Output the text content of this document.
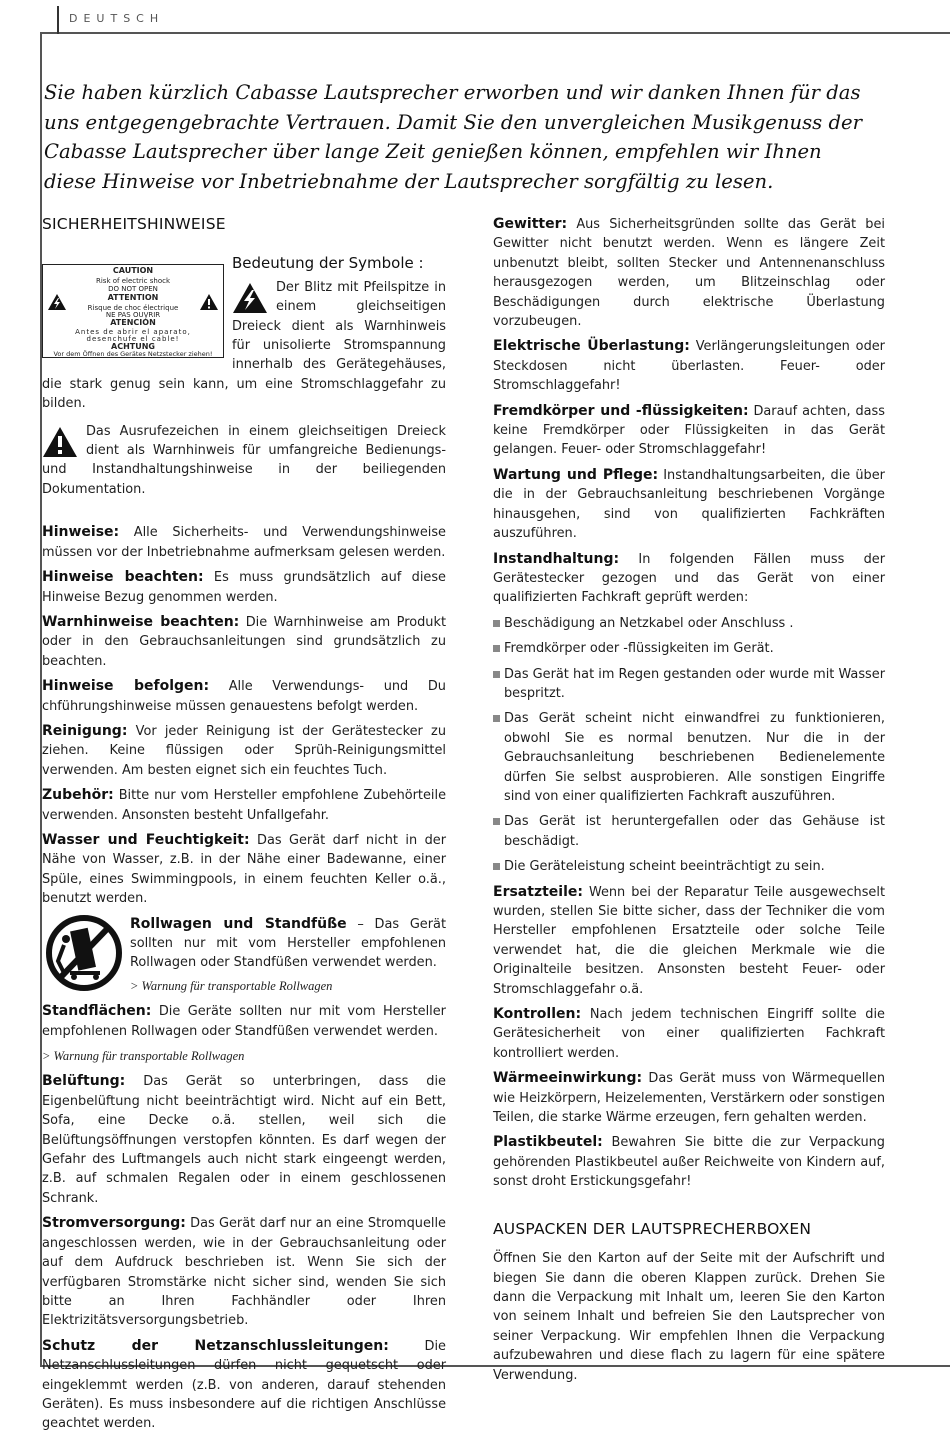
DEUTSCH
Sie haben kürzlich Cabasse Lautsprecher erworben und wir danken Ihnen für das uns entgegengebrachte Vertrauen. Damit Sie den unvergleichen Musikgenuss der Cabasse Lautsprecher über lange Zeit genießen können, empfehlen wir Ihnen diese Hinweise vor Inbetriebnahme der Lautsprecher sorgfältig zu lesen.
SICHERHEITSHINWEISE
CAUTION
Risk of electric shock
DO NOT OPEN
ATTENTION
Risque de choc électrique
NE PAS OUVRIR
ATENCIÓN
Antes de abrir el aparato,
desenchufe el cable!
ACHTUNG
Vor dem Öffnen des Gerätes Netzstecker ziehen!
Bedeutung der Symbole :

Der Blitz mit Pfeilspitze in einem gleichseitigen Dreieck dient als Warnhinweis für unisolierte Stromspannung innerhalb des Gerätegehäuses, die stark genug sein kann, um eine Stromschlaggefahr zu bilden.

Das Ausrufezeichen in einem gleichseitigen Dreieck dient als Warnhinweis für umfangreiche Bedienungs- und Instandhaltungshinweise in der beiliegenden Dokumentation.

Hinweise: Alle Sicherheits- und Verwendungshinweise müssen vor der Inbetriebnahme aufmerksam gelesen werden.

Hinweise beachten: Es muss grundsätzlich auf diese Hinweise Bezug genommen werden.

Warnhinweise beachten: Die Warnhinweise am Produkt oder in den Gebrauchsanleitungen sind grundsätzlich zu beachten.

Hinweise befolgen: Alle Verwendungs- und Du chführungshinweise müssen genauestens befolgt werden.

Reinigung: Vor jeder Reinigung ist der Gerätestecker zu ziehen. Keine flüssigen oder Sprüh-Reinigungsmittel verwenden. Am besten eignet sich ein feuchtes Tuch.

Zubehör: Bitte nur vom Hersteller empfohlene Zubehörteile verwenden. Ansonsten besteht Unfallgefahr.

Wasser und Feuchtigkeit: Das Gerät darf nicht in der Nähe von Wasser, z.B. in der Nähe einer Badewanne, einer Spüle, eines Swimmingpools, in einem feuchten Keller o.ä., benutzt werden.

Rollwagen und Standfüße – Das Gerät sollten nur mit vom Hersteller empfohlenen Rollwagen oder Standfüßen verwendet werden.

> Warnung für transportable Rollwagen

Standflächen: Die Geräte sollten nur mit vom Hersteller empfohlenen Rollwagen oder Standfüßen verwendet werden.

> Warnung für transportable Rollwagen

Belüftung: Das Gerät so unterbringen, dass die Eigenbelüftung nicht beeinträchtigt wird. Nicht auf ein Bett, Sofa, eine Decke o.ä. stellen, weil sich die Belüftungsöffnungen verstopfen könnten. Es darf wegen der Gefahr des Luftmangels auch nicht stark eingeengt werden, z.B. auf schmalen Regalen oder in einem geschlossenen Schrank.

Stromversorgung: Das Gerät darf nur an eine Stromquelle angeschlossen werden, wie in der Gebrauchsanleitung oder auf dem Aufdruck beschrieben ist. Wenn Sie sich der verfügbaren Stromstärke nicht sicher sind, wenden Sie sich bitte an Ihren Fachhändler oder Ihren Elektrizitätsversorgungsbetrieb.

Schutz der Netzanschlussleitungen:	Die Netzanschlussleitungen dürfen nicht gequetscht oder eingeklemmt werden (z.B. von anderen, darauf stehenden Geräten). Es muss insbesondere auf die richtigen Anschlüsse geachtet werden.

Gewitter: Aus Sicherheitsgründen sollte das Gerät bei Gewitter nicht benutzt werden. Wenn es längere Zeit unbenutzt bleibt, sollten Stecker und Antennenanschluss herausgezogen werden, um Blitzeinschlag oder Beschädigungen durch elektrische Überlastung vorzubeugen.

Elektrische Überlastung: Verlängerungsleitungen oder Steckdosen nicht überlasten. Feuer- oder Stromschlaggefahr!

Fremdkörper und -flüssigkeiten: Darauf achten, dass keine Fremdkörper oder Flüssigkeiten in das Gerät gelangen. Feuer- oder Stromschlaggefahr!

Wartung und Pflege: Instandhaltungsarbeiten, die über die in der Gebrauchsanleitung beschriebenen Vorgänge hinausgehen, sind von qualifizierten Fachkräften auszuführen.

Instandhaltung: In folgenden Fällen muss der Gerätestecker gezogen und das Gerät von einer qualifizierten Fachkraft geprüft werden:

Beschädigung an Netzkabel oder Anschluss .
Fremdkörper oder -flüssigkeiten im Gerät.
Das Gerät hat im Regen gestanden oder wurde mit Wasser bespritzt.
Das Gerät scheint nicht einwandfrei zu funktionieren, obwohl Sie es normal benutzen. Nur die in der Gebrauchsanleitung beschriebenen Bedienelemente dürfen Sie selbst ausprobieren. Alle sonstigen Eingriffe sind von einer qualifizierten Fachkraft auszuführen.
Das Gerät ist heruntergefallen oder das Gehäuse ist beschädigt.
Die Geräteleistung scheint beeinträchtigt zu sein.

Ersatzteile: Wenn bei der Reparatur Teile ausgewechselt wurden, stellen Sie bitte sicher, dass der Techniker die vom Hersteller empfohlenen Ersatzteile oder solche Teile verwendet hat, die die gleichen Merkmale wie die Originalteile besitzen. Ansonsten besteht Feuer- oder Stromschlaggefahr o.ä.

Kontrollen: Nach jedem technischen Eingriff sollte die Gerätesicherheit von einer qualifizierten Fachkraft kontrolliert werden.

Wärmeeinwirkung: Das Gerät muss von Wärmequellen wie Heizkörpern, Heizelementen, Verstärkern oder sonstigen Teilen, die starke Wärme erzeugen, fern gehalten werden.

Plastikbeutel: Bewahren Sie bitte die zur Verpackung gehörenden Plastikbeutel außer Reichweite von Kindern auf, sonst droht Erstickungsgefahr!

AUSPACKEN DER LAUTSPRECHERBOXEN

Öffnen Sie den Karton auf der Seite mit der Aufschrift und biegen Sie dann die oberen Klappen zurück. Drehen Sie dann die Verpackung mit Inhalt um, leeren Sie den Karton von seinem Inhalt und befreien Sie den Lautsprecher von seiner Verpackung. Wir empfehlen Ihnen die Verpackung aufzubewahren und diese flach zu lagern für eine spätere Verwendung.
